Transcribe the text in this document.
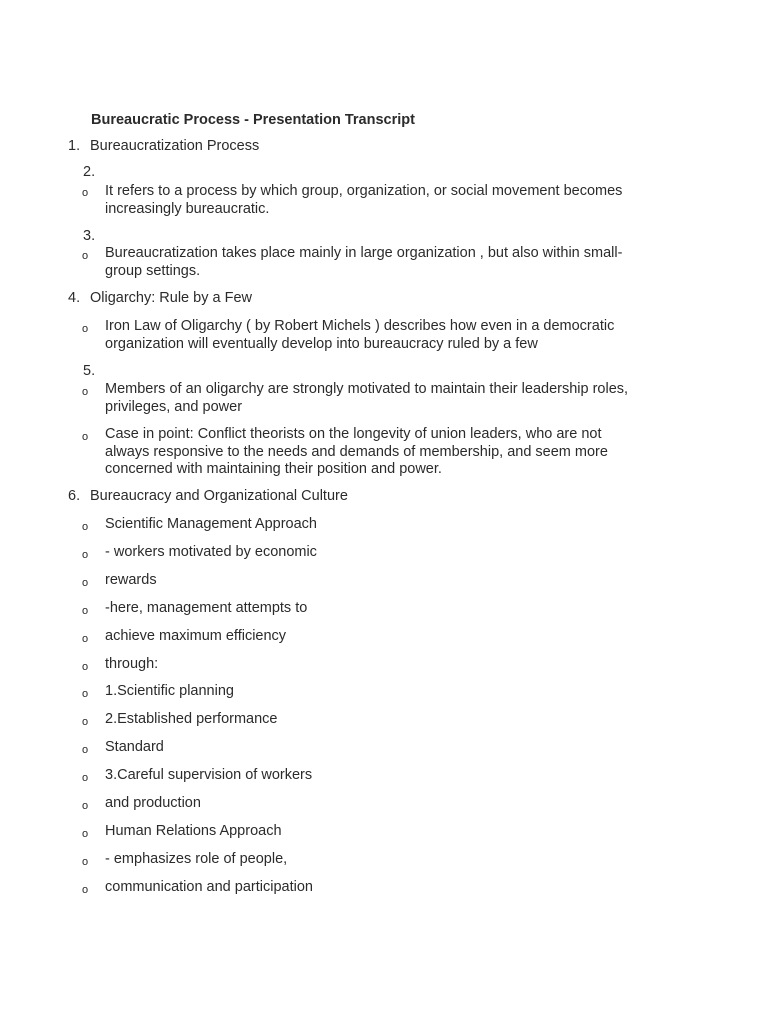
Bureaucratic Process - Presentation Transcript
1. Bureaucratization Process
2.
o It refers to a process by which group, organization, or social movement becomes increasingly bureaucratic.
3.
o Bureaucratization takes place mainly in large organization , but also within small-group settings.
4. Oligarchy: Rule by a Few
o Iron Law of Oligarchy ( by Robert Michels ) describes how even in a democratic organization will eventually develop into bureaucracy ruled by a few
5.
o Members of an oligarchy are strongly motivated to maintain their leadership roles, privileges, and power
o Case in point: Conflict theorists on the longevity of union leaders, who are not always responsive to the needs and demands of membership, and seem more concerned with maintaining their position and power.
6. Bureaucracy and Organizational Culture
o Scientific Management Approach
o - workers motivated by economic
o rewards
o -here, management attempts to
o achieve maximum efficiency
o through:
o 1.Scientific planning
o 2.Established performance
o Standard
o 3.Careful supervision of workers
o and production
o Human Relations Approach
o - emphasizes role of people,
o communication and participation
